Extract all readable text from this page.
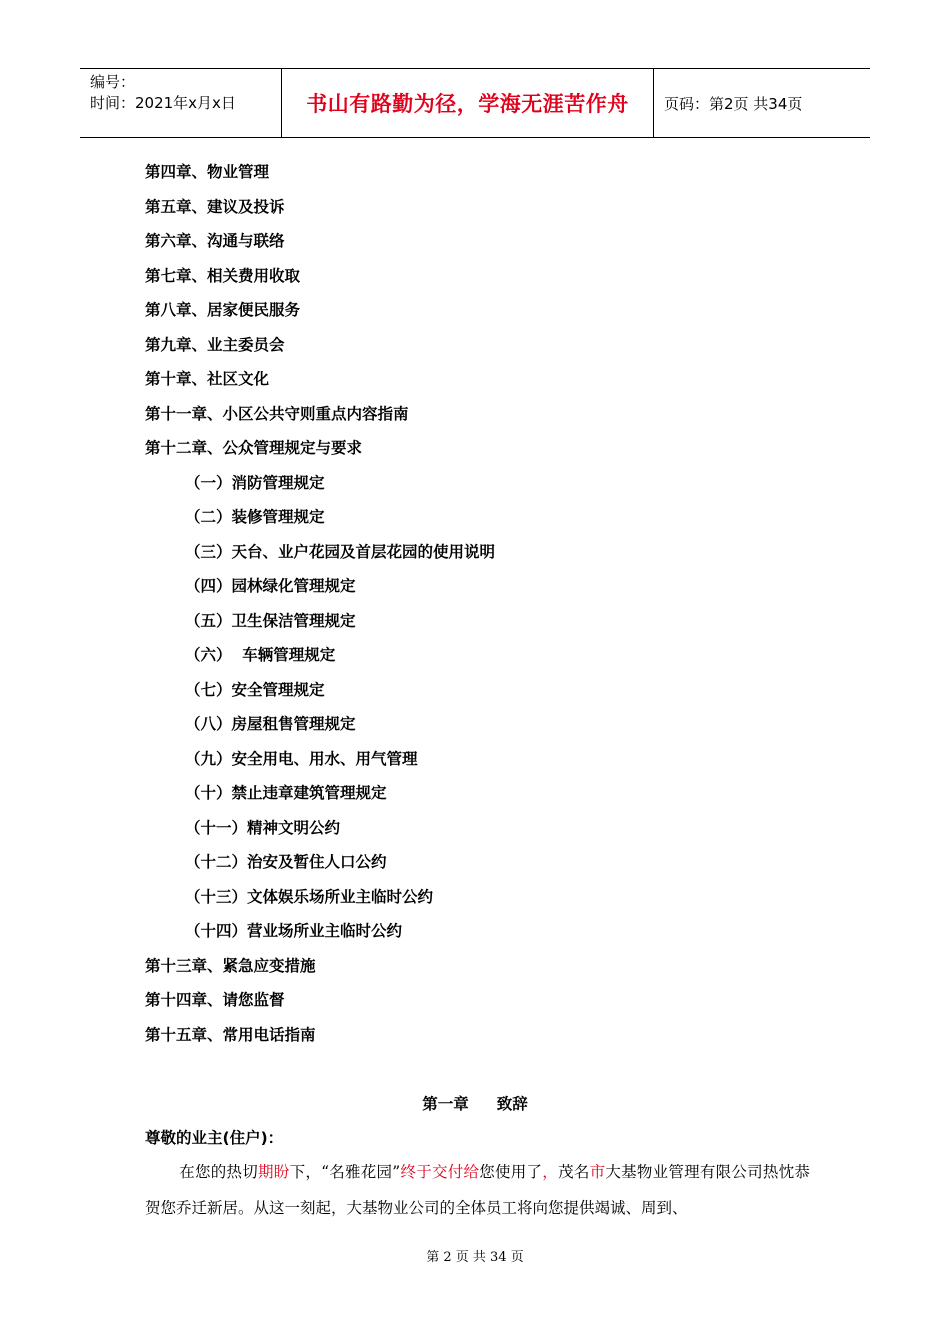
编号：
时间：2021年x月x日	书山有路勤为径，学海无涯苦作舟	页码：第2页 共34页
第四章、物业管理
第五章、建议及投诉
第六章、沟通与联络
第七章、相关费用收取
第八章、居家便民服务
第九章、业主委员会
第十章、社区文化
第十一章、小区公共守则重点内容指南
第十二章、公众管理规定与要求
（一）消防管理规定
（二）装修管理规定
（三）天台、业户花园及首层花园的使用说明
（四）园林绿化管理规定
（五）卫生保洁管理规定
（六）  车辆管理规定
（七）安全管理规定
（八）房屋租售管理规定
（九）安全用电、用水、用气管理
（十）禁止违章建筑管理规定
（十一）精神文明公约
（十二）治安及暂住人口公约
（十三）文体娱乐场所业主临时公约
（十四）营业场所业主临时公约
第十三章、紧急应变措施
第十四章、请您监督
第十五章、常用电话指南
第一章 致辞
尊敬的业主(住户)：
在您的热切期盼下，“名雅花园”终于交付给您使用了，茂名市大基物业管理有限公司热忱恭贺您乔迁新居。从这一刻起，大基物业公司的全体员工将向您提供竭诚、周到、
第 2 页 共 34 页
